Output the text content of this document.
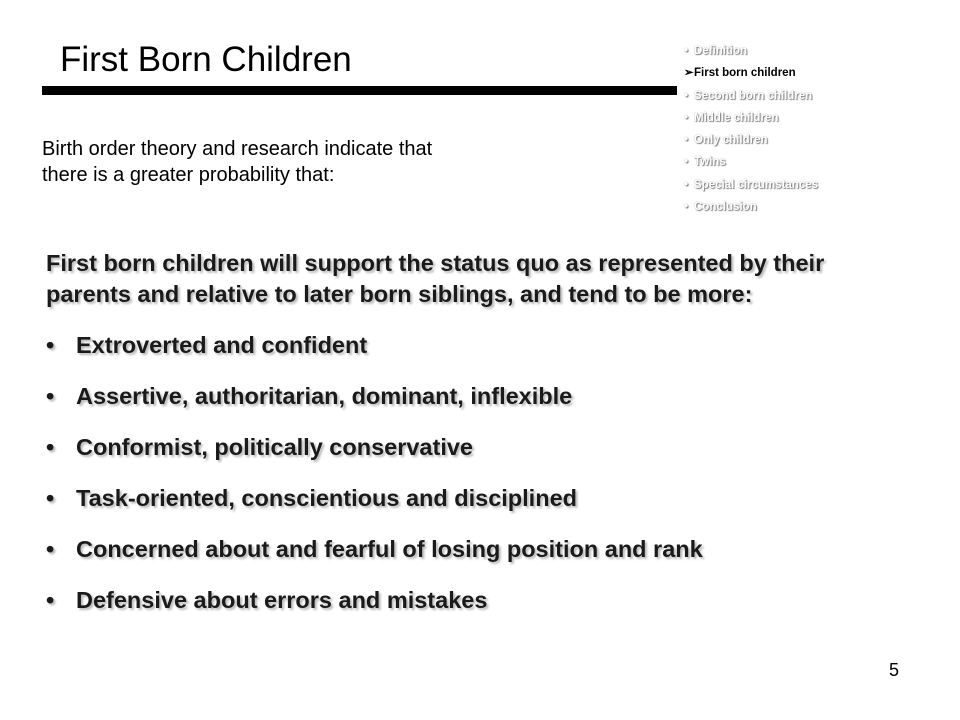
First Born Children	• Definition
➢First born children
• Second born children
• Middle children
• Only children
• Twins
• Special circumstances
• Conclusion

Birth order theory and research indicate that
there is a greater probability that:

First born children will support the status quo as represented by their
parents and relative to later born siblings, and tend to be more:

• Extroverted and confident
• Assertive, authoritarian, dominant, inflexible
• Conformist, politically conservative
• Task-oriented, conscientious and disciplined
• Concerned about and fearful of losing position and rank
• Defensive about errors and mistakes
5
